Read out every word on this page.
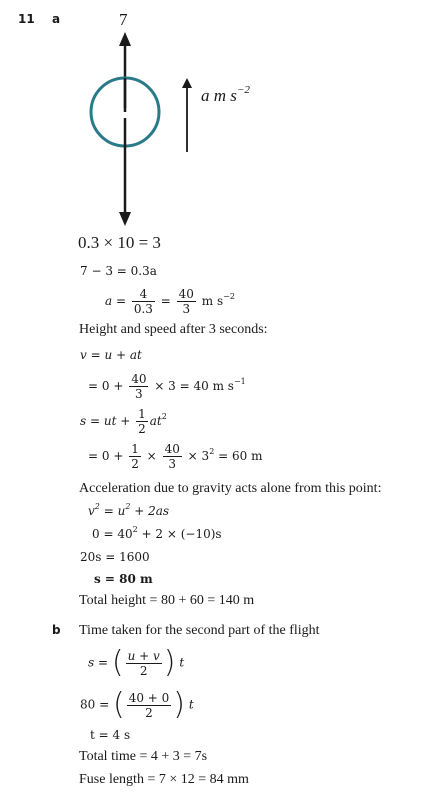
11 a	7
a m $s^{-2}$
0.3 × 10 = 3
7 − 3 = 0.3a
$a = \frac{4}{0.3} = \frac{40}{3}$ m $s^{-2}$
Height and speed after 3 seconds:
v = u + at
= $0 + \frac{40}{3} \times 3 = 40$ m $s^{-1}$
s = ut + $\frac{1}{2} at^2$
= $0 + \frac{1}{2} \times \frac{40}{3} \times 3^2 = 60$ m
Acceleration due to gravity acts alone from this point:
$v^2 = u^2 + 2as$
$0 = 40^2 + 2 \times (-10)s$
20s = 1600
s = 80 m
Total height = 80 + 60 = 140 m
b Time taken for the second part of the flight
s = ( $\frac{u + v}{2}$ ) t
80 = ( $\frac{40 + 0}{2}$ ) t
t = 4 s
Total time = 4 + 3 = 7s
Fuse length = 7 × 12 = 84 mm
